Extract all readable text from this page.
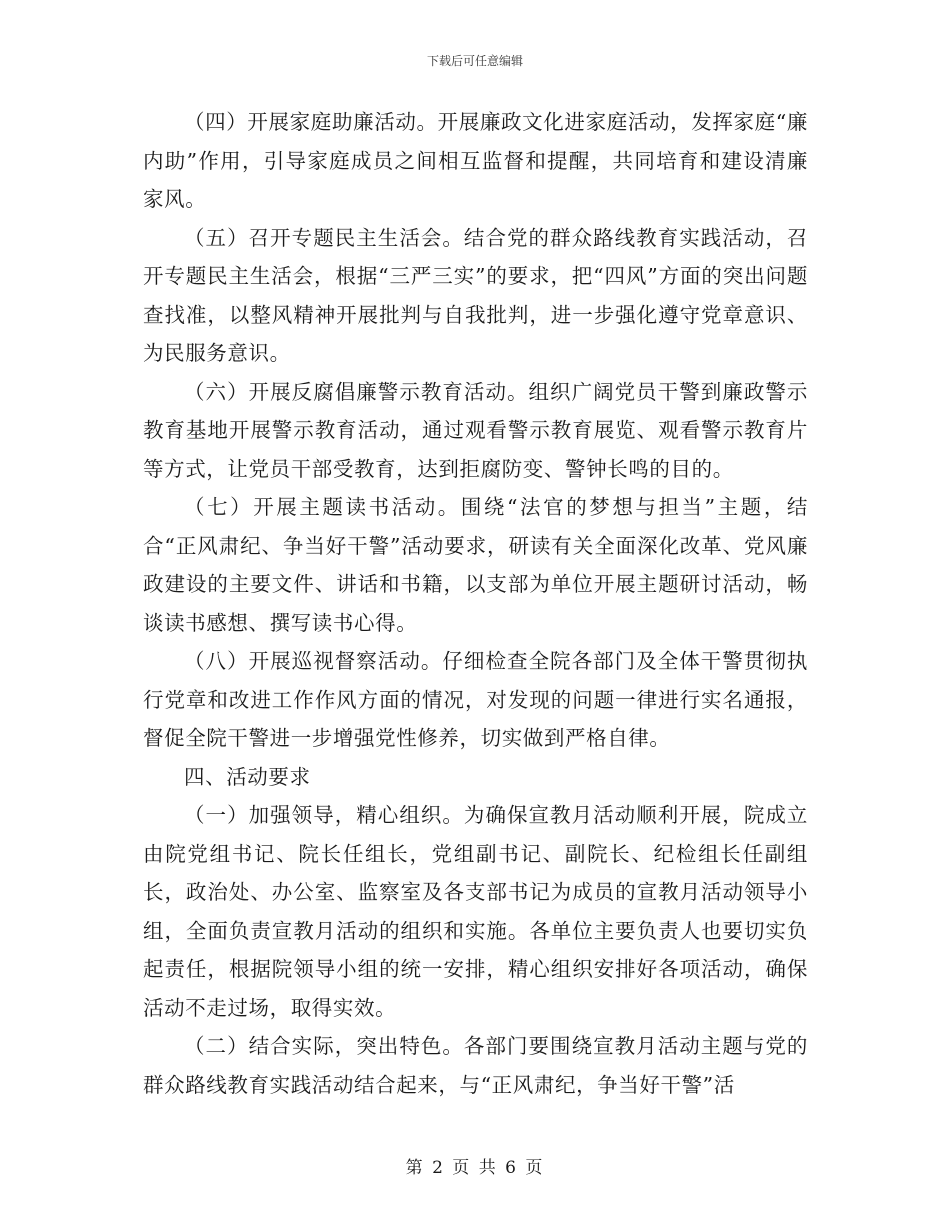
下载后可任意编辑

（四）开展家庭助廉活动。开展廉政文化进家庭活动，发挥家庭“廉内助”作用，引导家庭成员之间相互监督和提醒，共同培育和建设清廉家风。

（五）召开专题民主生活会。结合党的群众路线教育实践活动，召开专题民主生活会，根据“三严三实”的要求，把“四风”方面的突出问题查找准，以整风精神开展批判与自我批判，进一步强化遵守党章意识、为民服务意识。

（六）开展反腐倡廉警示教育活动。组织广阔党员干警到廉政警示教育基地开展警示教育活动，通过观看警示教育展览、观看警示教育片等方式，让党员干部受教育，达到拒腐防变、警钟长鸣的目的。

（七）开展主题读书活动。围绕“法官的梦想与担当”主题，结合“正风肃纪、争当好干警”活动要求，研读有关全面深化改革、党风廉政建设的主要文件、讲话和书籍，以支部为单位开展主题研讨活动，畅谈读书感想、撰写读书心得。

（八）开展巡视督察活动。仔细检查全院各部门及全体干警贯彻执行党章和改进工作作风方面的情况，对发现的问题一律进行实名通报，督促全院干警进一步增强党性修养，切实做到严格自律。

四、活动要求

（一）加强领导，精心组织。为确保宣教月活动顺利开展，院成立由院党组书记、院长任组长，党组副书记、副院长、纪检组长任副组长，政治处、办公室、监察室及各支部书记为成员的宣教月活动领导小组，全面负责宣教月活动的组织和实施。各单位主要负责人也要切实负起责任，根据院领导小组的统一安排，精心组织安排好各项活动，确保活动不走过场，取得实效。

（二）结合实际，突出特色。各部门要围绕宣教月活动主题与党的群众路线教育实践活动结合起来，与“正风肃纪，争当好干警”活

第 2 页 共 6 页
